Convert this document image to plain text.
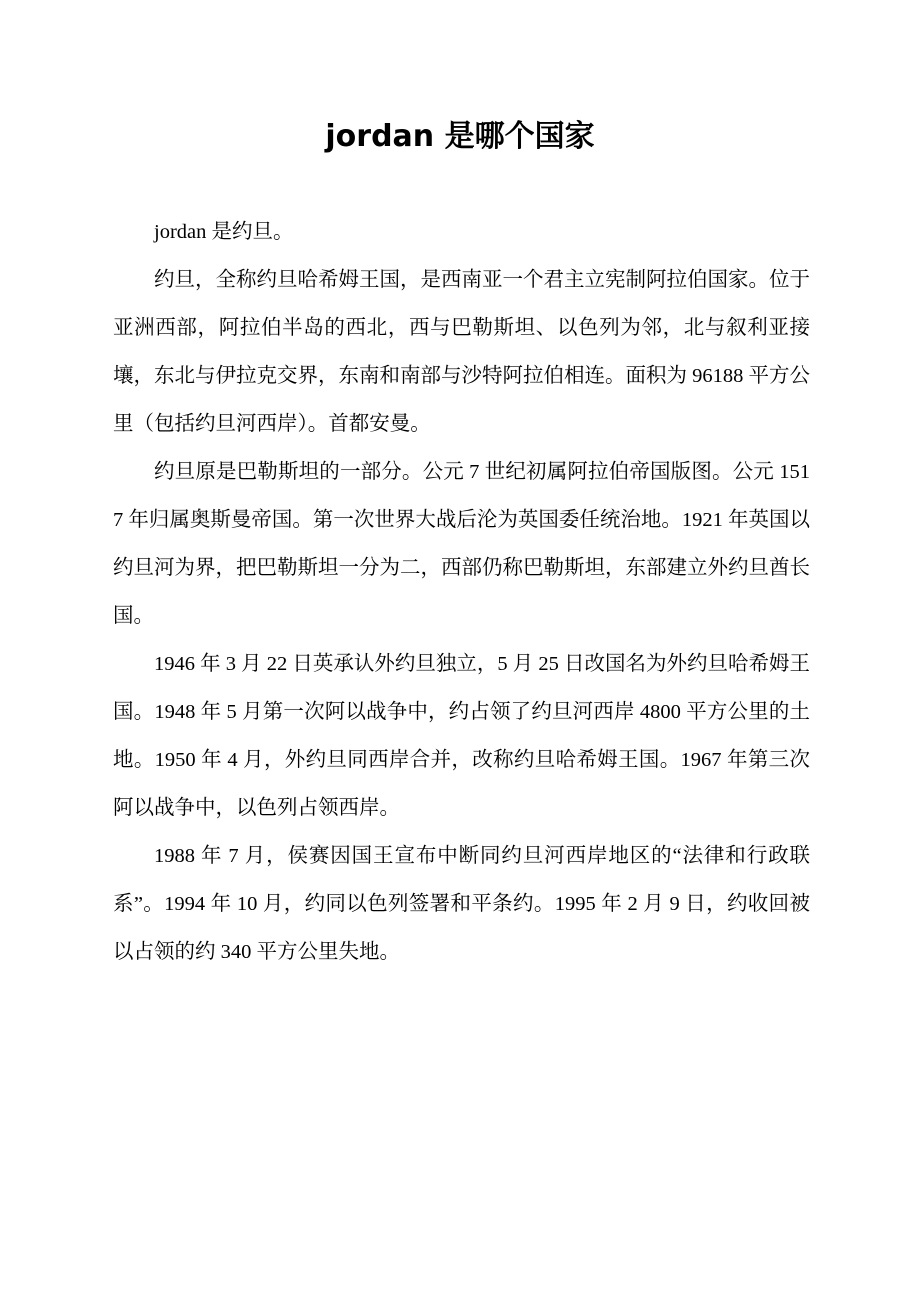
jordan 是哪个国家

jordan 是约旦。

约旦，全称约旦哈希姆王国，是西南亚一个君主立宪制阿拉伯国家。位于亚洲西部，阿拉伯半岛的西北，西与巴勒斯坦、以色列为邻，北与叙利亚接壤，东北与伊拉克交界，东南和南部与沙特阿拉伯相连。面积为 96188 平方公里（包括约旦河西岸）。首都安曼。

约旦原是巴勒斯坦的一部分。公元 7 世纪初属阿拉伯帝国版图。公元 1517 年归属奥斯曼帝国。第一次世界大战后沦为英国委任统治地。1921 年英国以约旦河为界，把巴勒斯坦一分为二，西部仍称巴勒斯坦，东部建立外约旦酋长国。

1946 年 3 月 22 日英承认外约旦独立，5 月 25 日改国名为外约旦哈希姆王国。1948 年 5 月第一次阿以战争中，约占领了约旦河西岸 4800 平方公里的土地。1950 年 4 月，外约旦同西岸合并，改称约旦哈希姆王国。1967 年第三次阿以战争中，以色列占领西岸。

1988 年 7 月，侯赛因国王宣布中断同约旦河西岸地区的“法律和行政联系”。1994 年 10 月，约同以色列签署和平条约。1995 年 2 月 9 日，约收回被以占领的约 340 平方公里失地。
